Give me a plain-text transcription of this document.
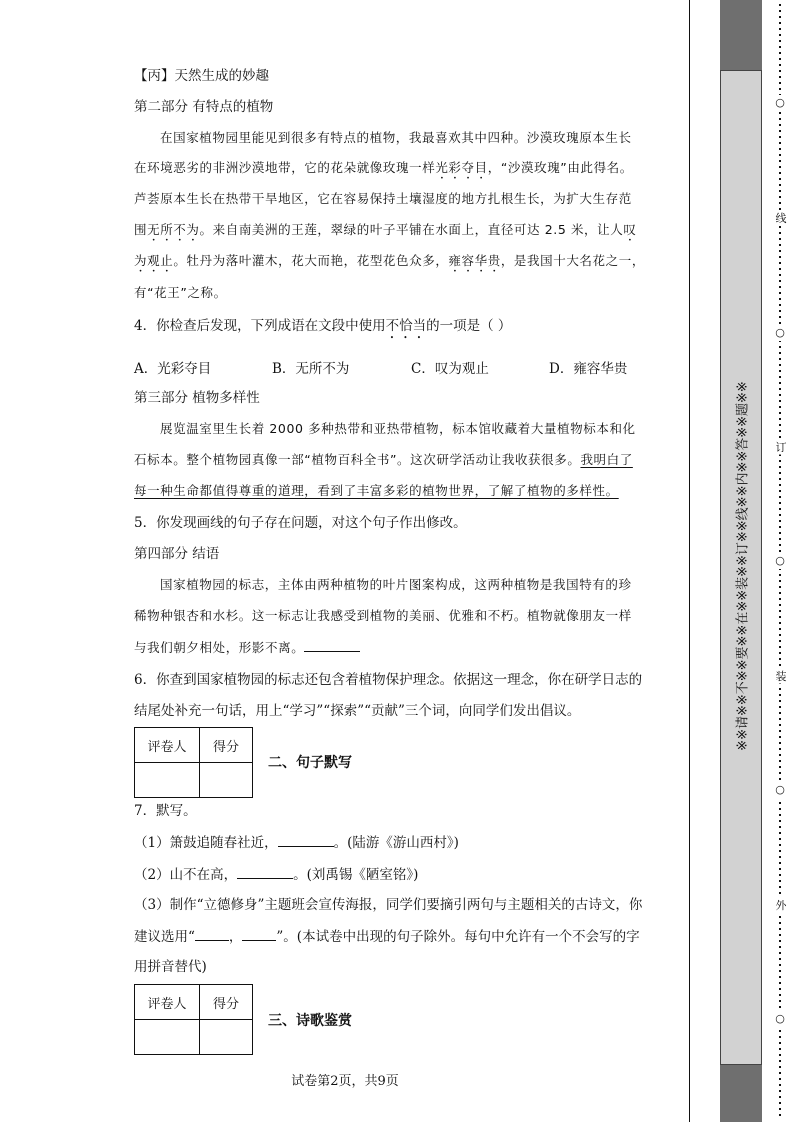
【丙】天然生成的妙趣
第二部分 有特点的植物
在国家植物园里能见到很多有特点的植物，我最喜欢其中四种。沙漠玫瑰原本生长
在环境恶劣的非洲沙漠地带，它的花朵就像玫瑰一样光彩夺目，“沙漠玫瑰”由此得名。
芦荟原本生长在热带干旱地区，它在容易保持土壤湿度的地方扎根生长，为扩大生存范
围无所不为。来自南美洲的王莲，翠绿的叶子平铺在水面上，直径可达 2.5 米，让人叹
为观止。牡丹为落叶灌木，花大而艳，花型花色众多，雍容华贵，是我国十大名花之一，
有“花王”之称。
4．你检查后发现，下列成语在文段中使用不恰当的一项是（ ）
A．光彩夺目	B．无所不为	C．叹为观止	D．雍容华贵
第三部分 植物多样性
展览温室里生长着 2000 多种热带和亚热带植物，标本馆收藏着大量植物标本和化
石标本。整个植物园真像一部“植物百科全书”。这次研学活动让我收获很多。我明白了
每一种生命都值得尊重的道理，看到了丰富多彩的植物世界，了解了植物的多样性。
5．你发现画线的句子存在问题，对这个句子作出修改。
第四部分 结语
国家植物园的标志，主体由两种植物的叶片图案构成，这两种植物是我国特有的珍
稀物种银杏和水杉。这一标志让我感受到植物的美丽、优雅和不朽。植物就像朋友一样
与我们朝夕相处，形影不离。
6．你查到国家植物园的标志还包含着植物保护理念。依据这一理念，你在研学日志的
结尾处补充一句话，用上“学习”“探索”“贡献”三个词，向同学们发出倡议。
评卷人	得分

二、句子默写
7．默写。
（1）箫鼓追随春社近，	。(陆游《游山西村》)
（2）山不在高，	。(刘禹锡《陋室铭》)
（3）制作“立德修身”主题班会宣传海报，同学们要摘引两句与主题相关的古诗文，你
建议选用“	，	”。(本试卷中出现的句子除外。每句中允许有一个不会写的字
用拼音替代)
评卷人	得分

三、诗歌鉴赏
试卷第2页，共9页
※※请※※不※※要※※在※※装※※订※※线※※内※※答※※题※※
○
线
○
订
○
装
○
外
○
